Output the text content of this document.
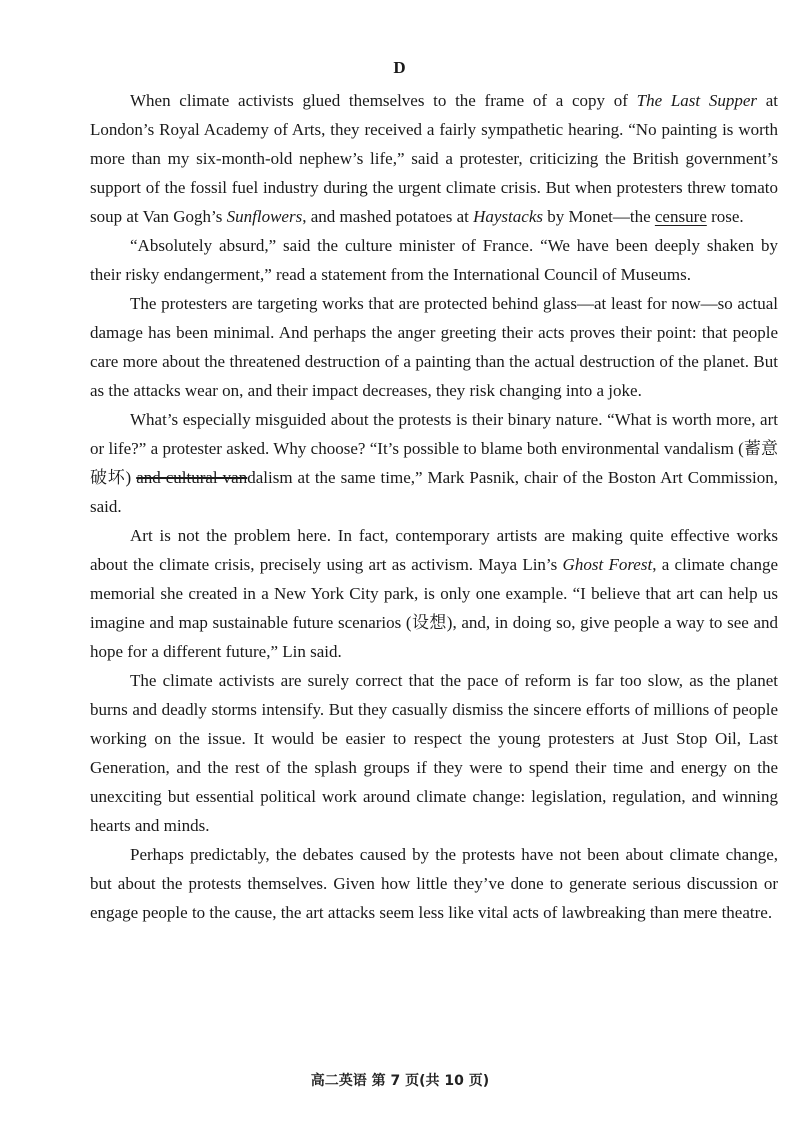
D

When climate activists glued themselves to the frame of a copy of The Last Supper at London’s Royal Academy of Arts, they received a fairly sympathetic hearing. “No painting is worth more than my six-month-old nephew’s life,” said a protester, criticizing the British government’s support of the fossil fuel industry during the urgent climate crisis. But when protesters threw tomato soup at Van Gogh’s Sunflowers, and mashed potatoes at Haystacks by Monet—the censure rose.

“Absolutely absurd,” said the culture minister of France. “We have been deeply shaken by their risky endangerment,” read a statement from the International Council of Museums.

The protesters are targeting works that are protected behind glass—at least for now—so actual damage has been minimal. And perhaps the anger greeting their acts proves their point: that people care more about the threatened destruction of a painting than the actual destruction of the planet. But as the attacks wear on, and their impact decreases, they risk changing into a joke.

What’s especially misguided about the protests is their binary nature. “What is worth more, art or life?” a protester asked. Why choose? “It’s possible to blame both environmental vandalism (蓄意破坏) and cultural vandalism at the same time,” Mark Pasnik, chair of the Boston Art Commission, said.

Art is not the problem here. In fact, contemporary artists are making quite effective works about the climate crisis, precisely using art as activism. Maya Lin’s Ghost Forest, a climate change memorial she created in a New York City park, is only one example. “I believe that art can help us imagine and map sustainable future scenarios (设想), and, in doing so, give people a way to see and hope for a different future,” Lin said.

The climate activists are surely correct that the pace of reform is far too slow, as the planet burns and deadly storms intensify. But they casually dismiss the sincere efforts of millions of people working on the issue. It would be easier to respect the young protesters at Just Stop Oil, Last Generation, and the rest of the splash groups if they were to spend their time and energy on the unexciting but essential political work around climate change: legislation, regulation, and winning hearts and minds.

Perhaps predictably, the debates caused by the protests have not been about climate change, but about the protests themselves. Given how little they’ve done to generate serious discussion or engage people to the cause, the art attacks seem less like vital acts of lawbreaking than mere theatre.

高二英语 第 7 页(共 10 页)
